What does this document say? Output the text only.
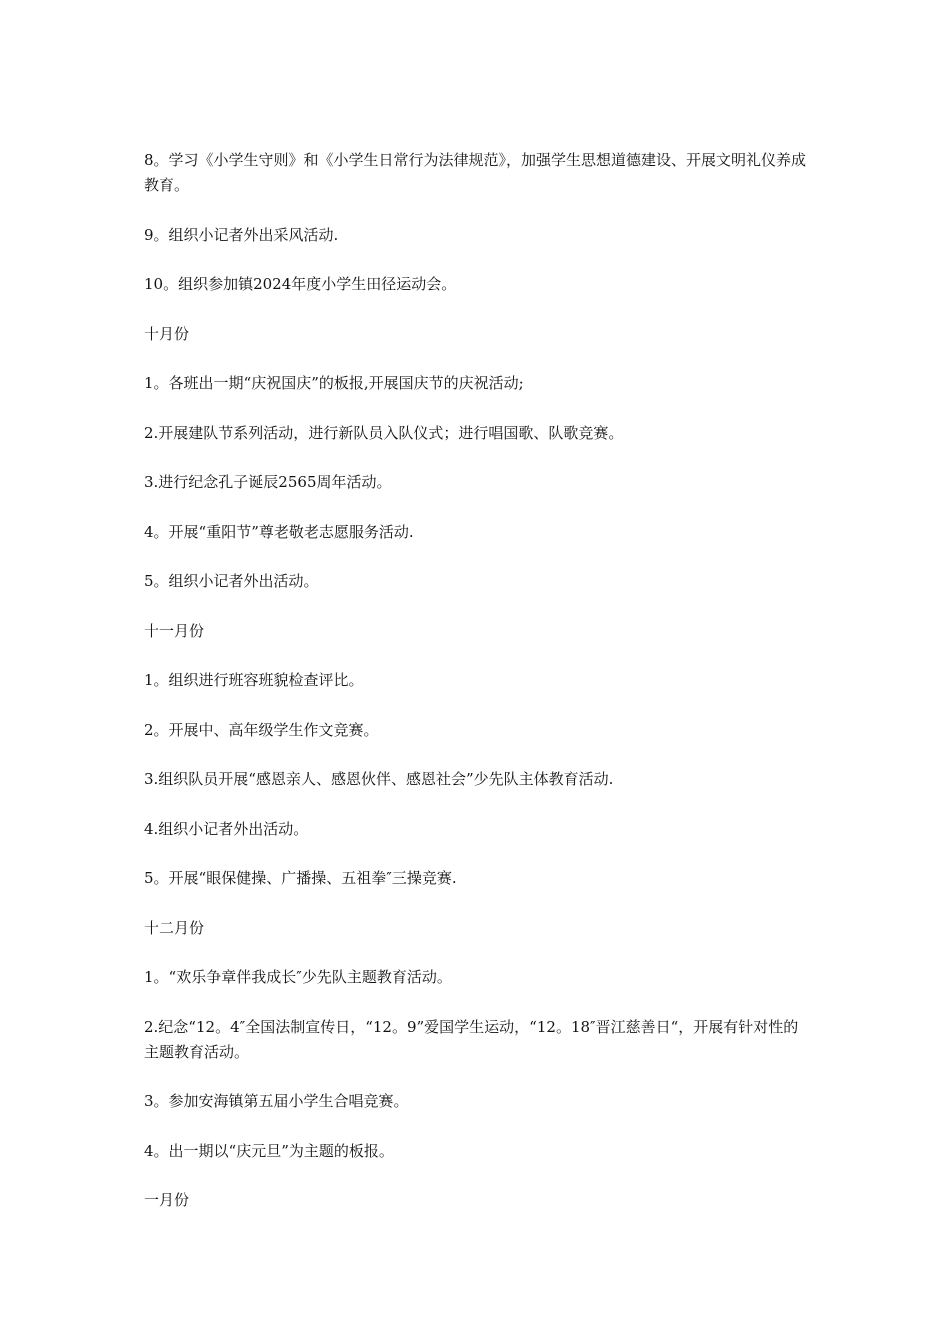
8。学习《小学生守则》和《小学生日常行为法律规范》，加强学生思想道德建设、开展文明礼仪养成教育。

9。组织小记者外出采风活动.

10。组织参加镇2024年度小学生田径运动会。

十月份

1。各班出一期“庆祝国庆”的板报,开展国庆节的庆祝活动;

2.开展建队节系列活动，进行新队员入队仪式；进行唱国歌、队歌竞赛。

3.进行纪念孔子诞辰2565周年活动。

4。开展“重阳节”尊老敬老志愿服务活动.

5。组织小记者外出活动。

十一月份

1。组织进行班容班貌检查评比。

2。开展中、高年级学生作文竞赛。

3.组织队员开展“感恩亲人、感恩伙伴、感恩社会”少先队主体教育活动.

4.组织小记者外出活动。

5。开展“眼保健操、广播操、五祖拳″三操竞赛.

十二月份

1。“欢乐争章伴我成长″少先队主题教育活动。

2.纪念“12。4″全国法制宣传日，“12。9”爱国学生运动，“12。18″晋江慈善日“，开展有针对性的主题教育活动。

3。参加安海镇第五届小学生合唱竞赛。

4。出一期以“庆元旦”为主题的板报。

一月份
